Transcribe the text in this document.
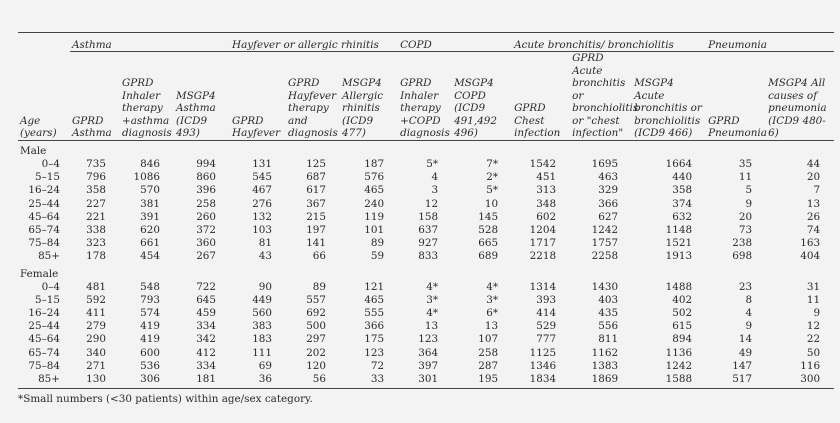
	Asthma			Hayfever or allergic rhinitis			COPD		Acute bronchitis/ bronchiolitis			Pneumonia	
Age (years)	GPRD Asthma	GPRD Inhaler therapy +asthma diagnosis	MSGP4 Asthma (ICD9 493)	GPRD Hayfever	GPRD Hayfever therapy and diagnosis	MSGP4 Allergic rhinitis (ICD9 477)	GPRD Inhaler therapy +COPD diagnosis	MSGP4 COPD (ICD9 491,492 496)	GPRD Chest infection	GPRD Acute bronchitis or bronchiolitis or "chest infection"	MSGP4 Acute bronchitis or bronchiolitis (ICD9 466)	GPRD Pneumonia	MSGP4 All causes of pneumonia (ICD9 480-6)
Male													
0–4	735	846	994	131	125	187	5*	7*	1542	1695	1664	35	44
5–15	796	1086	860	545	687	576	4	2*	451	463	440	11	20
16–24	358	570	396	467	617	465	3	5*	313	329	358	5	7
25–44	227	381	258	276	367	240	12	10	348	366	374	9	13
45–64	221	391	260	132	215	119	158	145	602	627	632	20	26
65–74	338	620	372	103	197	101	637	528	1204	1242	1148	73	74
75–84	323	661	360	81	141	89	927	665	1717	1757	1521	238	163
85+	178	454	267	43	66	59	833	689	2218	2258	1913	698	404
Female													
0–4	481	548	722	90	89	121	4*	4*	1314	1430	1488	23	31
5–15	592	793	645	449	557	465	3*	3*	393	403	402	8	11
16–24	411	574	459	560	692	555	4*	6*	414	435	502	4	9
25–44	279	419	334	383	500	366	13	13	529	556	615	9	12
45–64	290	419	342	183	297	175	123	107	777	811	894	14	22
65–74	340	600	412	111	202	123	364	258	1125	1162	1136	49	50
75–84	271	536	334	69	120	72	397	287	1346	1383	1242	147	116
85+	130	306	181	36	56	33	301	195	1834	1869	1588	517	300
*Small numbers (<30 patients) within age/sex category.
